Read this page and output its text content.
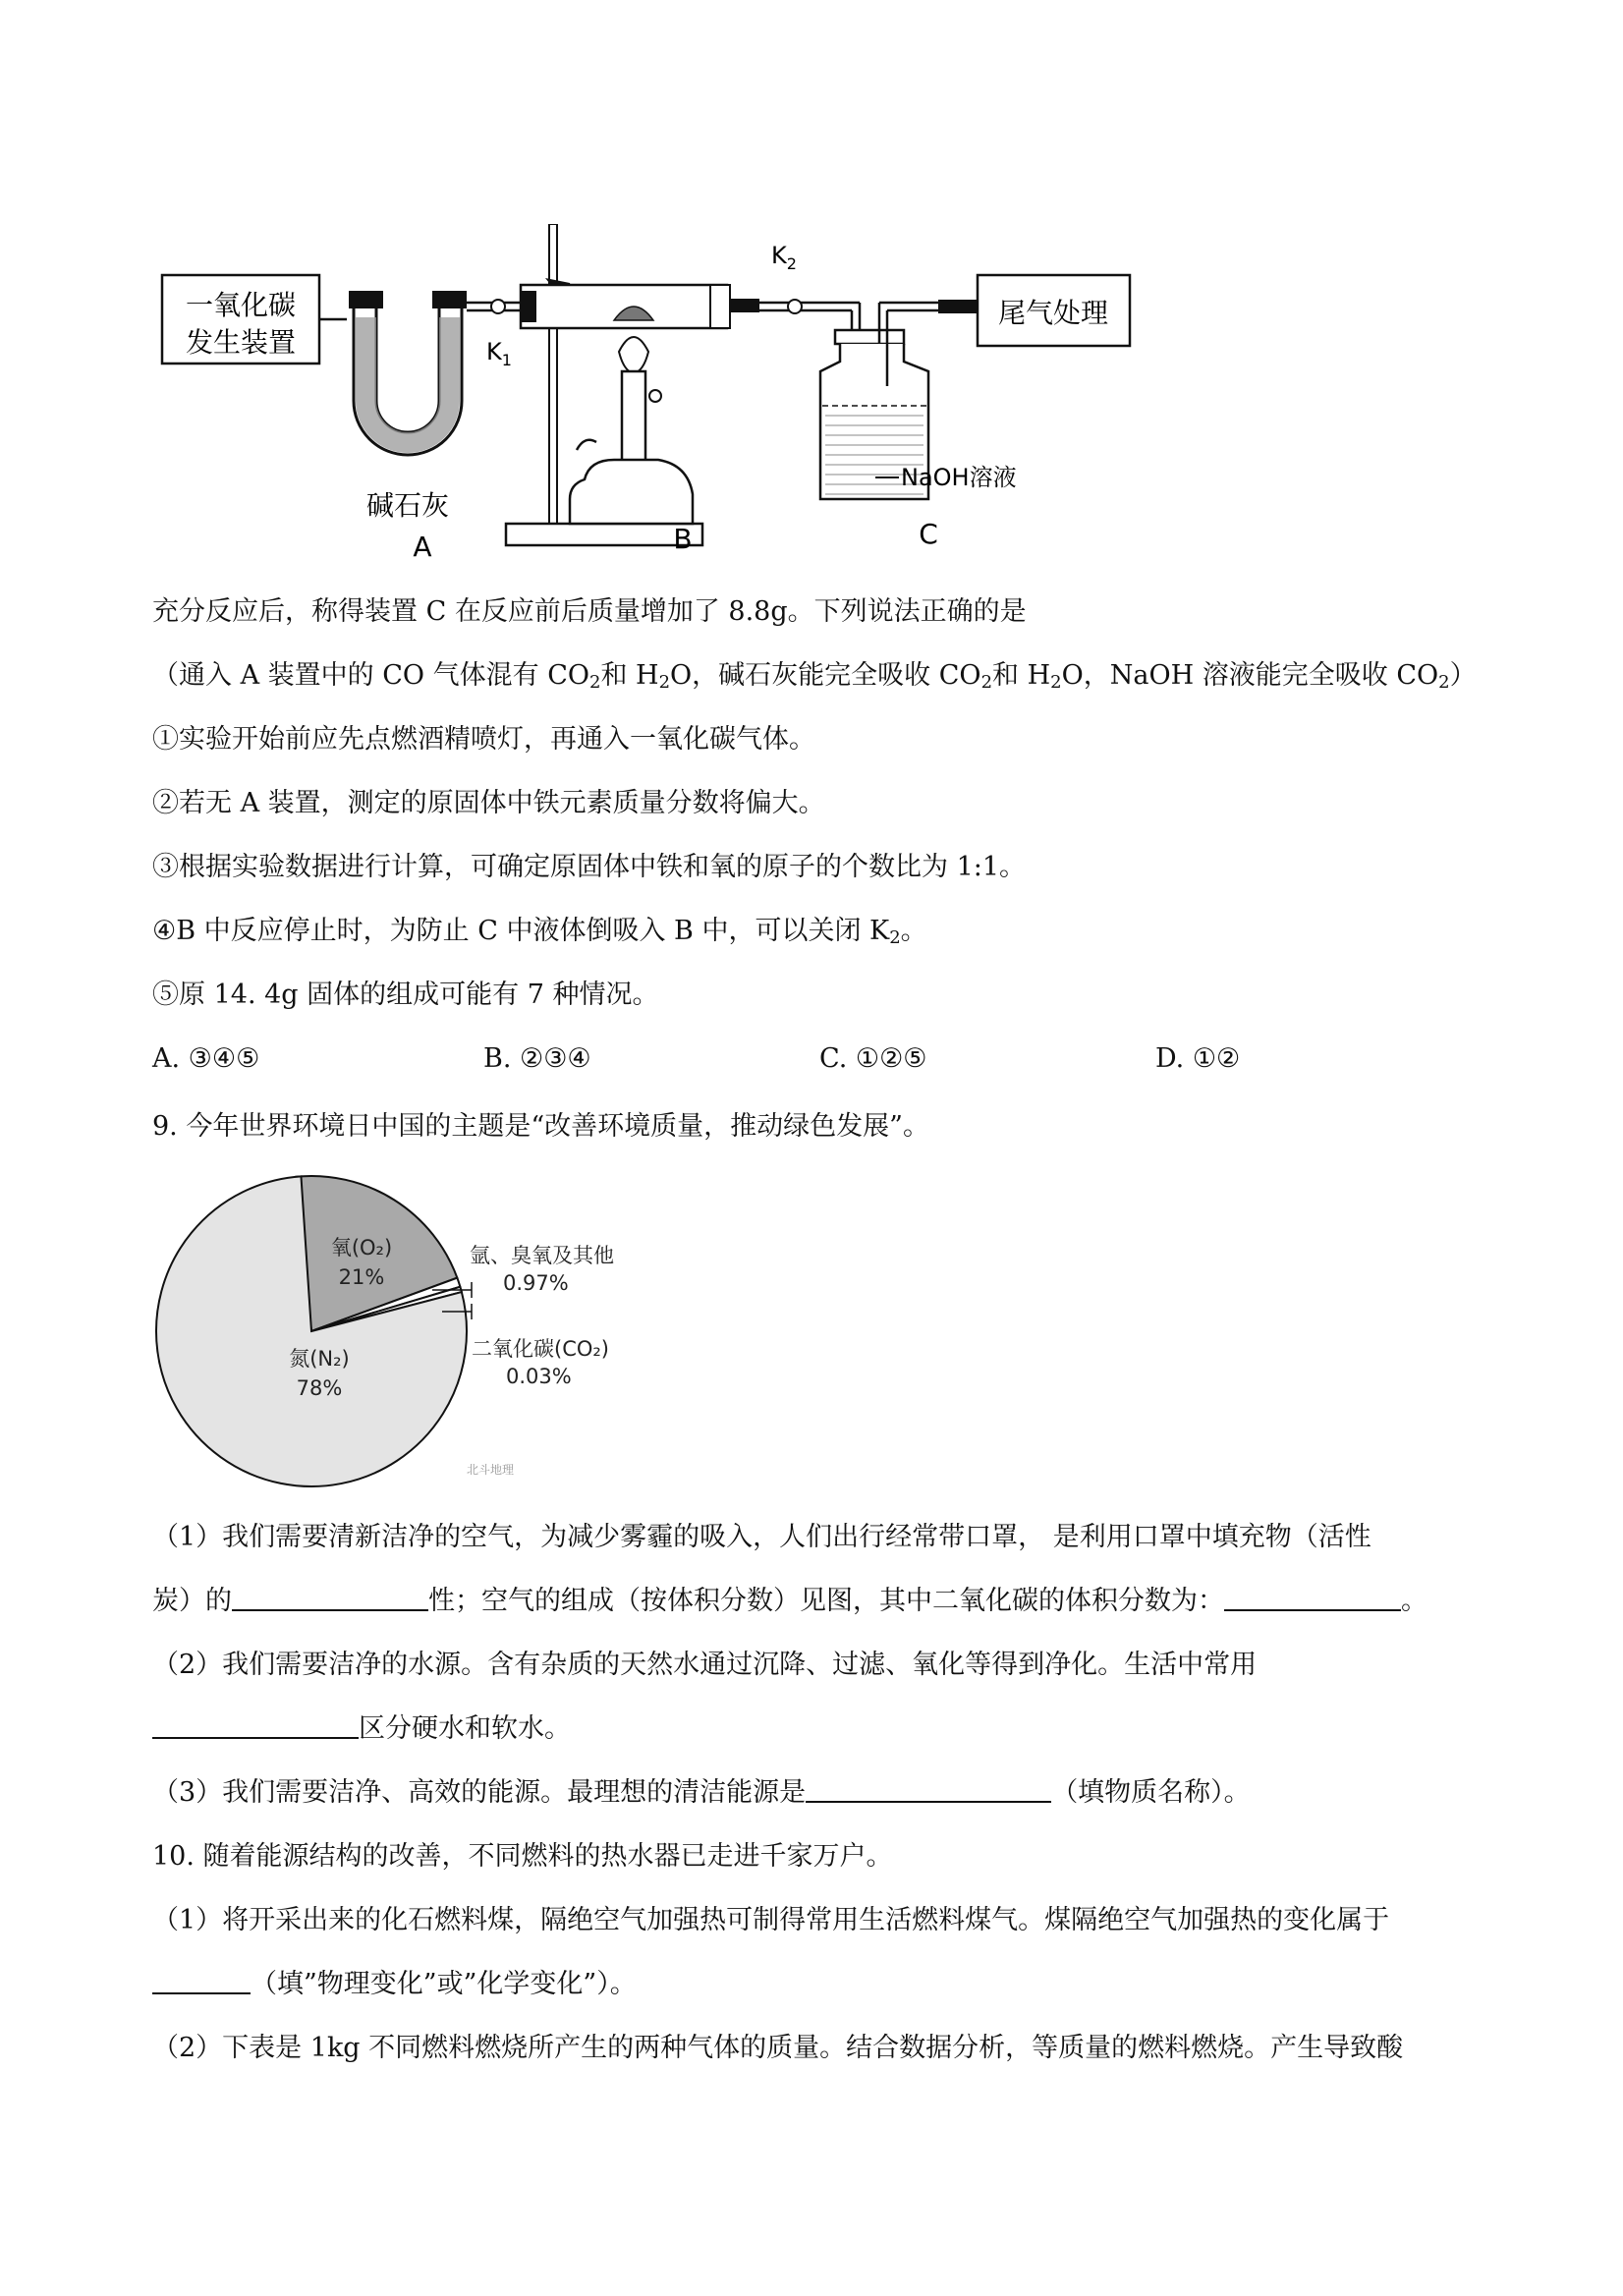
一氧化碳
发生装置	$K_1$
$K_2$
NaOH溶液
尾气处理
碱石灰
A	B	C
充分反应后，称得装置 C 在反应前后质量增加了 8.8g。下列说法正确的是
（通入 A 装置中的 CO 气体混有 $CO_2$和 $H_2O$，碱石灰能完全吸收 $CO_2$和 $H_2O$，NaOH 溶液能完全吸收 $CO_2$）
①实验开始前应先点燃酒精喷灯，再通入一氧化碳气体。
②若无 A 装置，测定的原固体中铁元素质量分数将偏大。
③根据实验数据进行计算，可确定原固体中铁和氧的原子的个数比为 1:1。
④B 中反应停止时，为防止 C 中液体倒吸入 B 中，可以关闭 $K_2$。
⑤原 14. 4g 固体的组成可能有 7 种情况。
A. ③④⑤	B. ②③④	C. ①②⑤	D. ①②
9. 今年世界环境日中国的主题是“改善环境质量，推动绿色发展”。
氧(O₂)
21%
氮(N₂)
78%
氩、臭氧及其他
0.97%
二氧化碳(CO₂)
0.03%
北斗地理
（1）我们需要清新洁净的空气，为减少雾霾的吸入，人们出行经常带口罩， 是利用口罩中填充物（活性
炭）的	性；空气的组成（按体积分数）见图，其中二氧化碳的体积分数为：	。
（2）我们需要洁净的水源。含有杂质的天然水通过沉降、过滤、氧化等得到净化。生活中常用
区分硬水和软水。
（3）我们需要洁净、高效的能源。最理想的清洁能源是	（填物质名称）。
10. 随着能源结构的改善，不同燃料的热水器已走进千家万户。
（1）将开采出来的化石燃料煤，隔绝空气加强热可制得常用生活燃料煤气。煤隔绝空气加强热的变化属于
（填”物理变化”或”化学变化”）。
（2）下表是 1kg 不同燃料燃烧所产生的两种气体的质量。结合数据分析，等质量的燃料燃烧。产生导致酸
